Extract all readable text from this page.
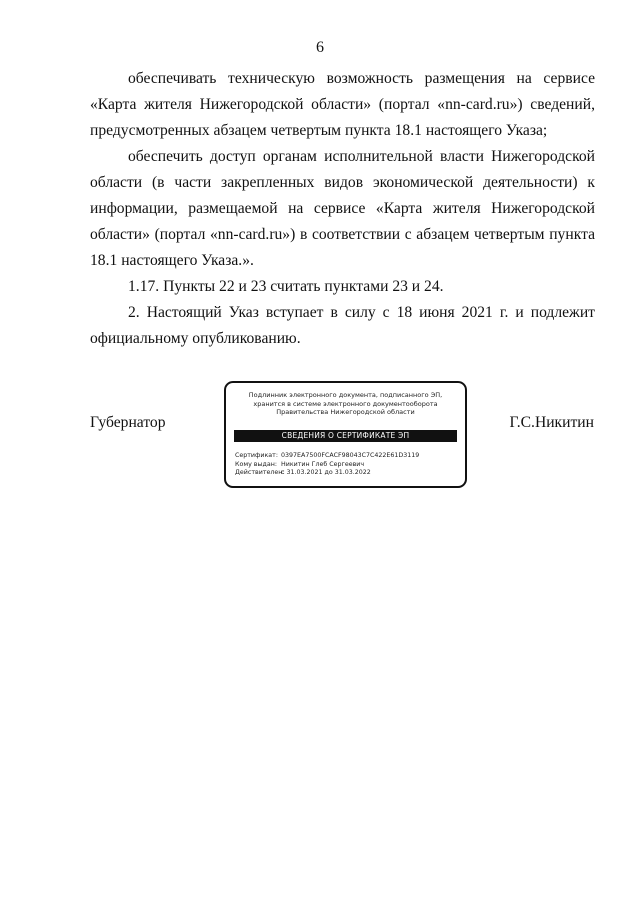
6

обеспечивать техническую возможность размещения на сервисе «Карта жителя Нижегородской области» (портал «nn-card.ru») сведений, предусмотренных абзацем четвертым пункта 18.1 настоящего Указа;

обеспечить доступ органам исполнительной власти Нижегородской области (в части закрепленных видов экономической деятельности) к информации, размещаемой на сервисе «Карта жителя Нижегородской области» (портал «nn-card.ru») в соответствии с абзацем четвертым пункта 18.1 настоящего Указа.».

1.17. Пункты 22 и 23 считать пунктами 23 и 24.

2. Настоящий Указ вступает в силу с 18 июня 2021 г. и подлежит официальному опубликованию.

Губернатор	Г.С.Никитин
Подлинник электронного документа, подписанного ЭП,
хранится в системе электронного документооборота
Правительства Нижегородской области
СВЕДЕНИЯ О СЕРТИФИКАТЕ ЭП
Сертификат: 0397EA7500FCACF98043C7C422E61D3119
Кому выдан: Никитин Глеб Сергеевич
Действителен: с 31.03.2021 до 31.03.2022
